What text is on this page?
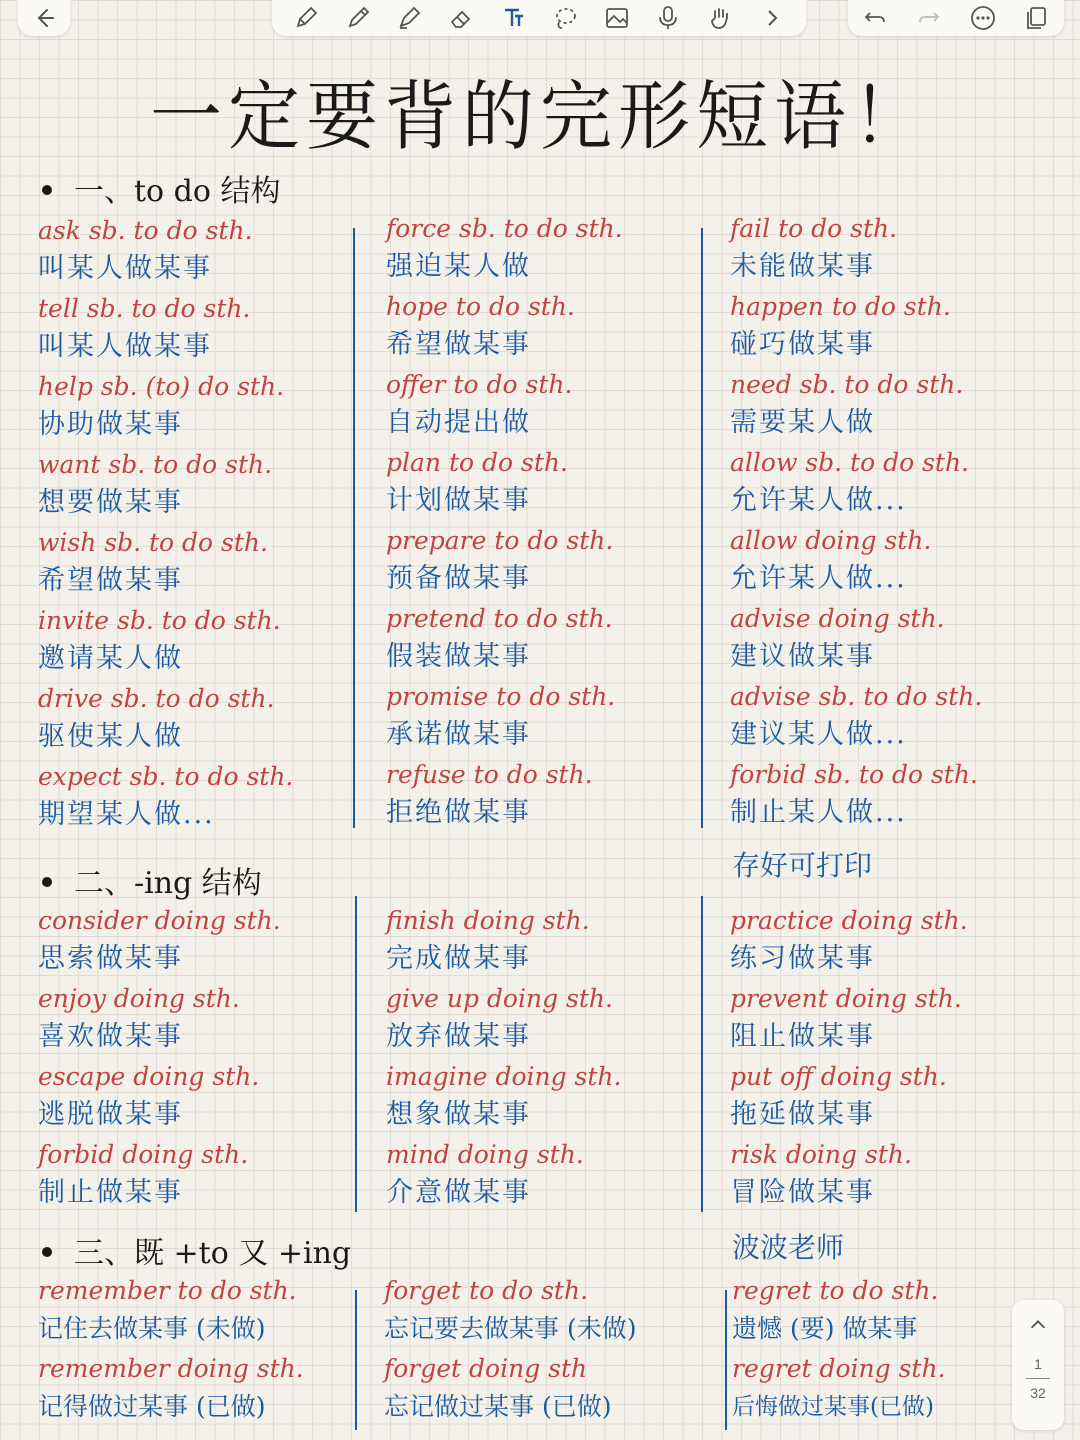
一定要背的完形短语！
一、to do 结构
ask sb. to do sth.
叫某人做某事
tell sb. to do sth.
叫某人做某事
help sb. (to) do sth.
协助做某事
want sb. to do sth.
想要做某事
wish sb. to do sth.
希望做某事
invite sb. to do sth.
邀请某人做
drive sb. to do sth.
驱使某人做
expect sb. to do sth.
期望某人做...
force sb. to do sth.
强迫某人做
hope to do sth.
希望做某事
offer to do sth.
自动提出做
plan to do sth.
计划做某事
prepare to do sth.
预备做某事
pretend to do sth.
假装做某事
promise to do sth.
承诺做某事
refuse to do sth.
拒绝做某事
fail to do sth.
未能做某事
happen to do sth.
碰巧做某事
need sb. to do sth.
需要某人做
allow sb. to do sth.
允许某人做...
allow doing sth.
允许某人做...
advise doing sth.
建议做某事
advise sb. to do sth.
建议某人做...
forbid sb. to do sth.
制止某人做...
存好可打印
二、-ing 结构
consider doing sth.
思索做某事
enjoy doing sth.
喜欢做某事
escape doing sth.
逃脱做某事
forbid doing sth.
制止做某事
finish doing sth.
完成做某事
give up doing sth.
放弃做某事
imagine doing sth.
想象做某事
mind doing sth.
介意做某事
practice doing sth.
练习做某事
prevent doing sth.
阻止做某事
put off doing sth.
拖延做某事
risk doing sth.
冒险做某事
波波老师
三、既 +to 又 +ing
remember to do sth.
记住去做某事 (未做)
remember doing sth.
记得做过某事 (已做)
forget to do sth.
忘记要去做某事 (未做)
forget doing sth
忘记做过某事 (已做)
regret to do sth.
遗憾 (要) 做某事
regret doing sth.
后悔做过某事(已做)
1
32
